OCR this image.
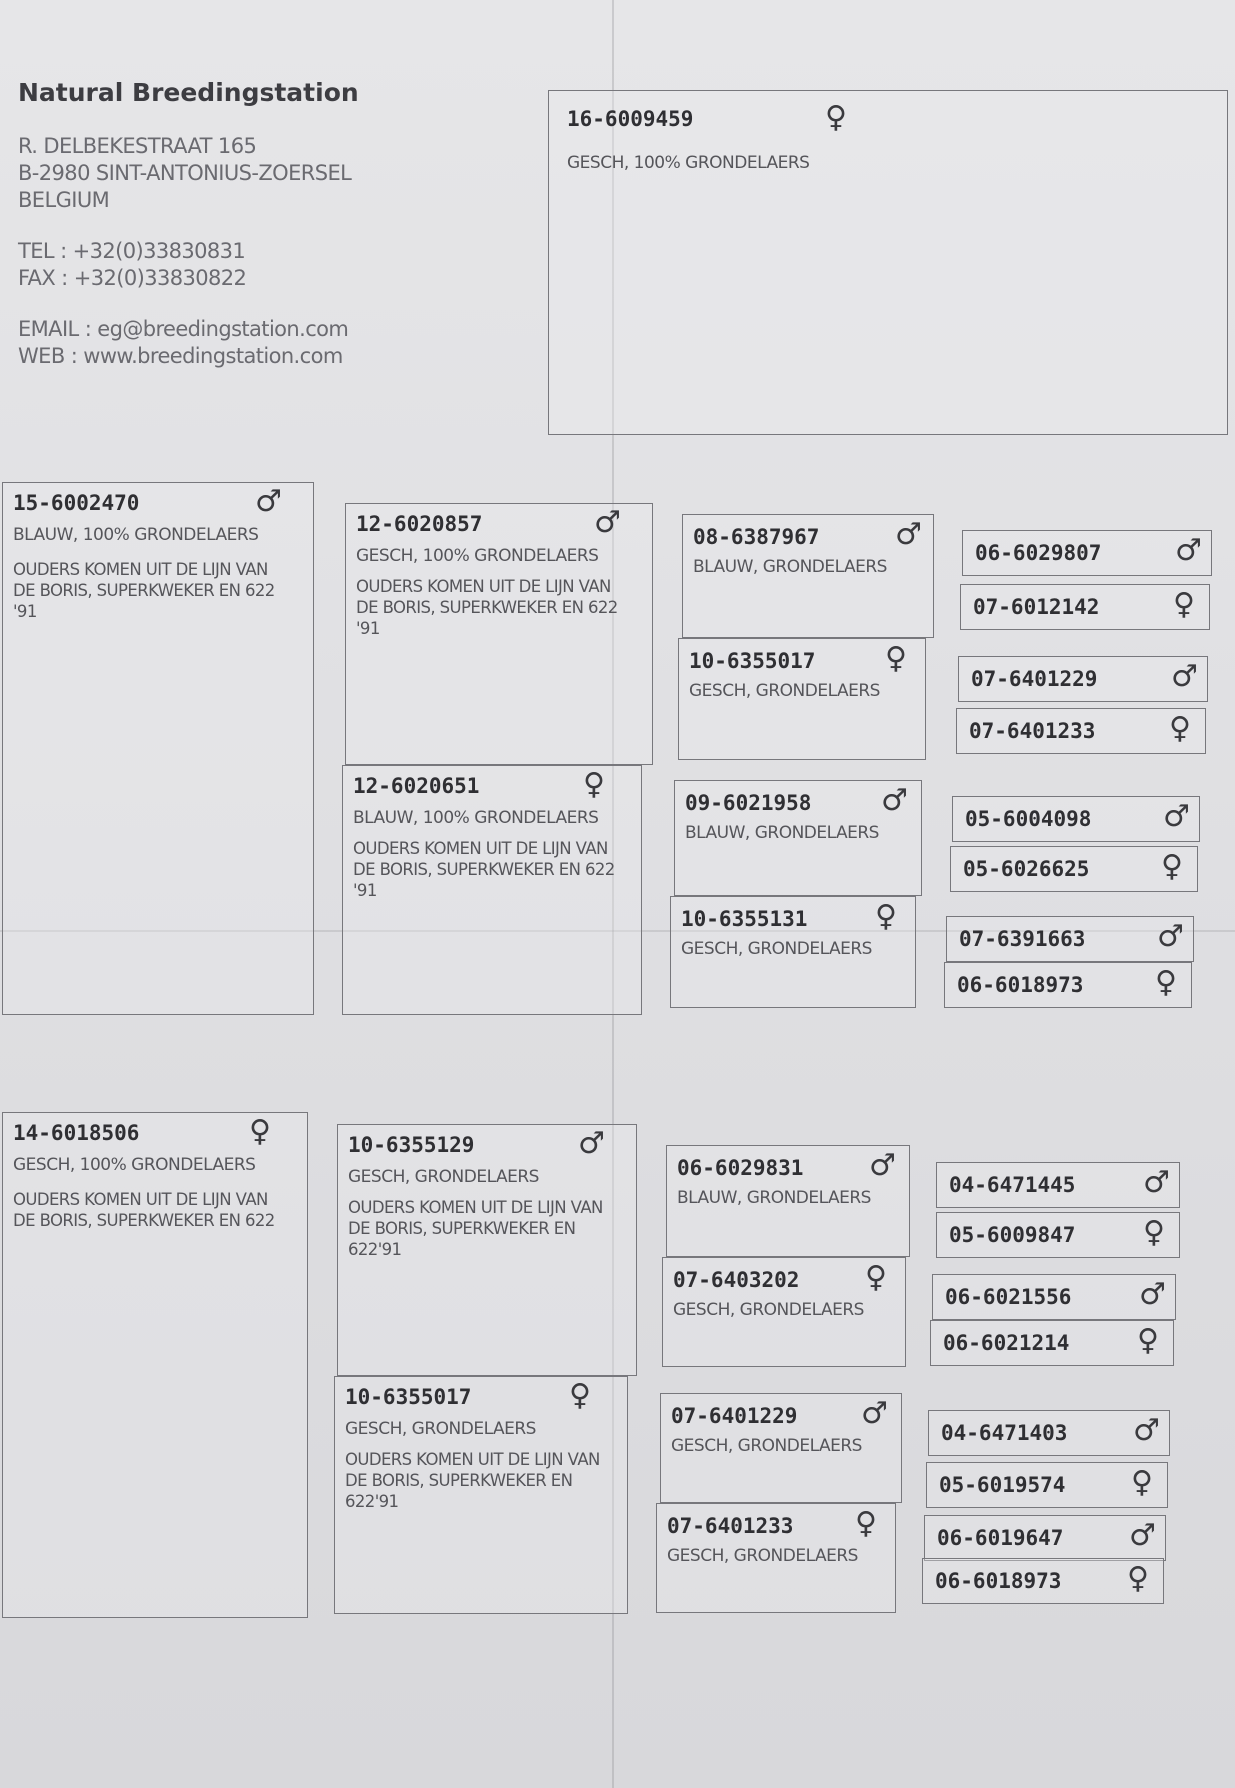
Natural Breedingstation
R. DELBEKESTRAAT 165
B-2980 SINT-ANTONIUS-ZOERSEL
BELGIUM
TEL : +32(0)33830831
FAX : +32(0)33830822
EMAIL : eg@breedingstation.com
WEB : www.breedingstation.com
16-6009459	♀
GESCH, 100% GRONDELAERS
15-6002470	♂
BLAUW, 100% GRONDELAERS
OUDERS KOMEN UIT DE LIJN VAN
DE BORIS, SUPERKWEKER EN 622
'91
14-6018506	♀
GESCH, 100% GRONDELAERS
OUDERS KOMEN UIT DE LIJN VAN
DE BORIS, SUPERKWEKER EN 622
12-6020857	♂
GESCH, 100% GRONDELAERS
OUDERS KOMEN UIT DE LIJN VAN
DE BORIS, SUPERKWEKER EN 622
'91
12-6020651	♀
BLAUW, 100% GRONDELAERS
OUDERS KOMEN UIT DE LIJN VAN
DE BORIS, SUPERKWEKER EN 622
'91
10-6355129	♂
GESCH, GRONDELAERS
OUDERS KOMEN UIT DE LIJN VAN
DE BORIS, SUPERKWEKER EN
622'91
10-6355017	♀
GESCH, GRONDELAERS
OUDERS KOMEN UIT DE LIJN VAN
DE BORIS, SUPERKWEKER EN
622'91
08-6387967	♂
BLAUW, GRONDELAERS
10-6355017 ♀
GESCH, GRONDELAERS
09-6021958 ♂
BLAUW, GRONDELAERS
10-6355131 ♀
GESCH, GRONDELAERS
06-6029831 ♂
BLAUW, GRONDELAERS
07-6403202 ♀
GESCH, GRONDELAERS
07-6401229 ♂
GESCH, GRONDELAERS
07-6401233 ♀
GESCH, GRONDELAERS
06-6029807 ♂
07-6012142 ♀
07-6401229 ♂
07-6401233 ♀
05-6004098 ♂
05-6026625 ♀
07-6391663 ♂
06-6018973 ♀
04-6471445 ♂
05-6009847 ♀
06-6021556 ♂
06-6021214 ♀
04-6471403 ♂
05-6019574 ♀
06-6019647 ♂
06-6018973 ♀
